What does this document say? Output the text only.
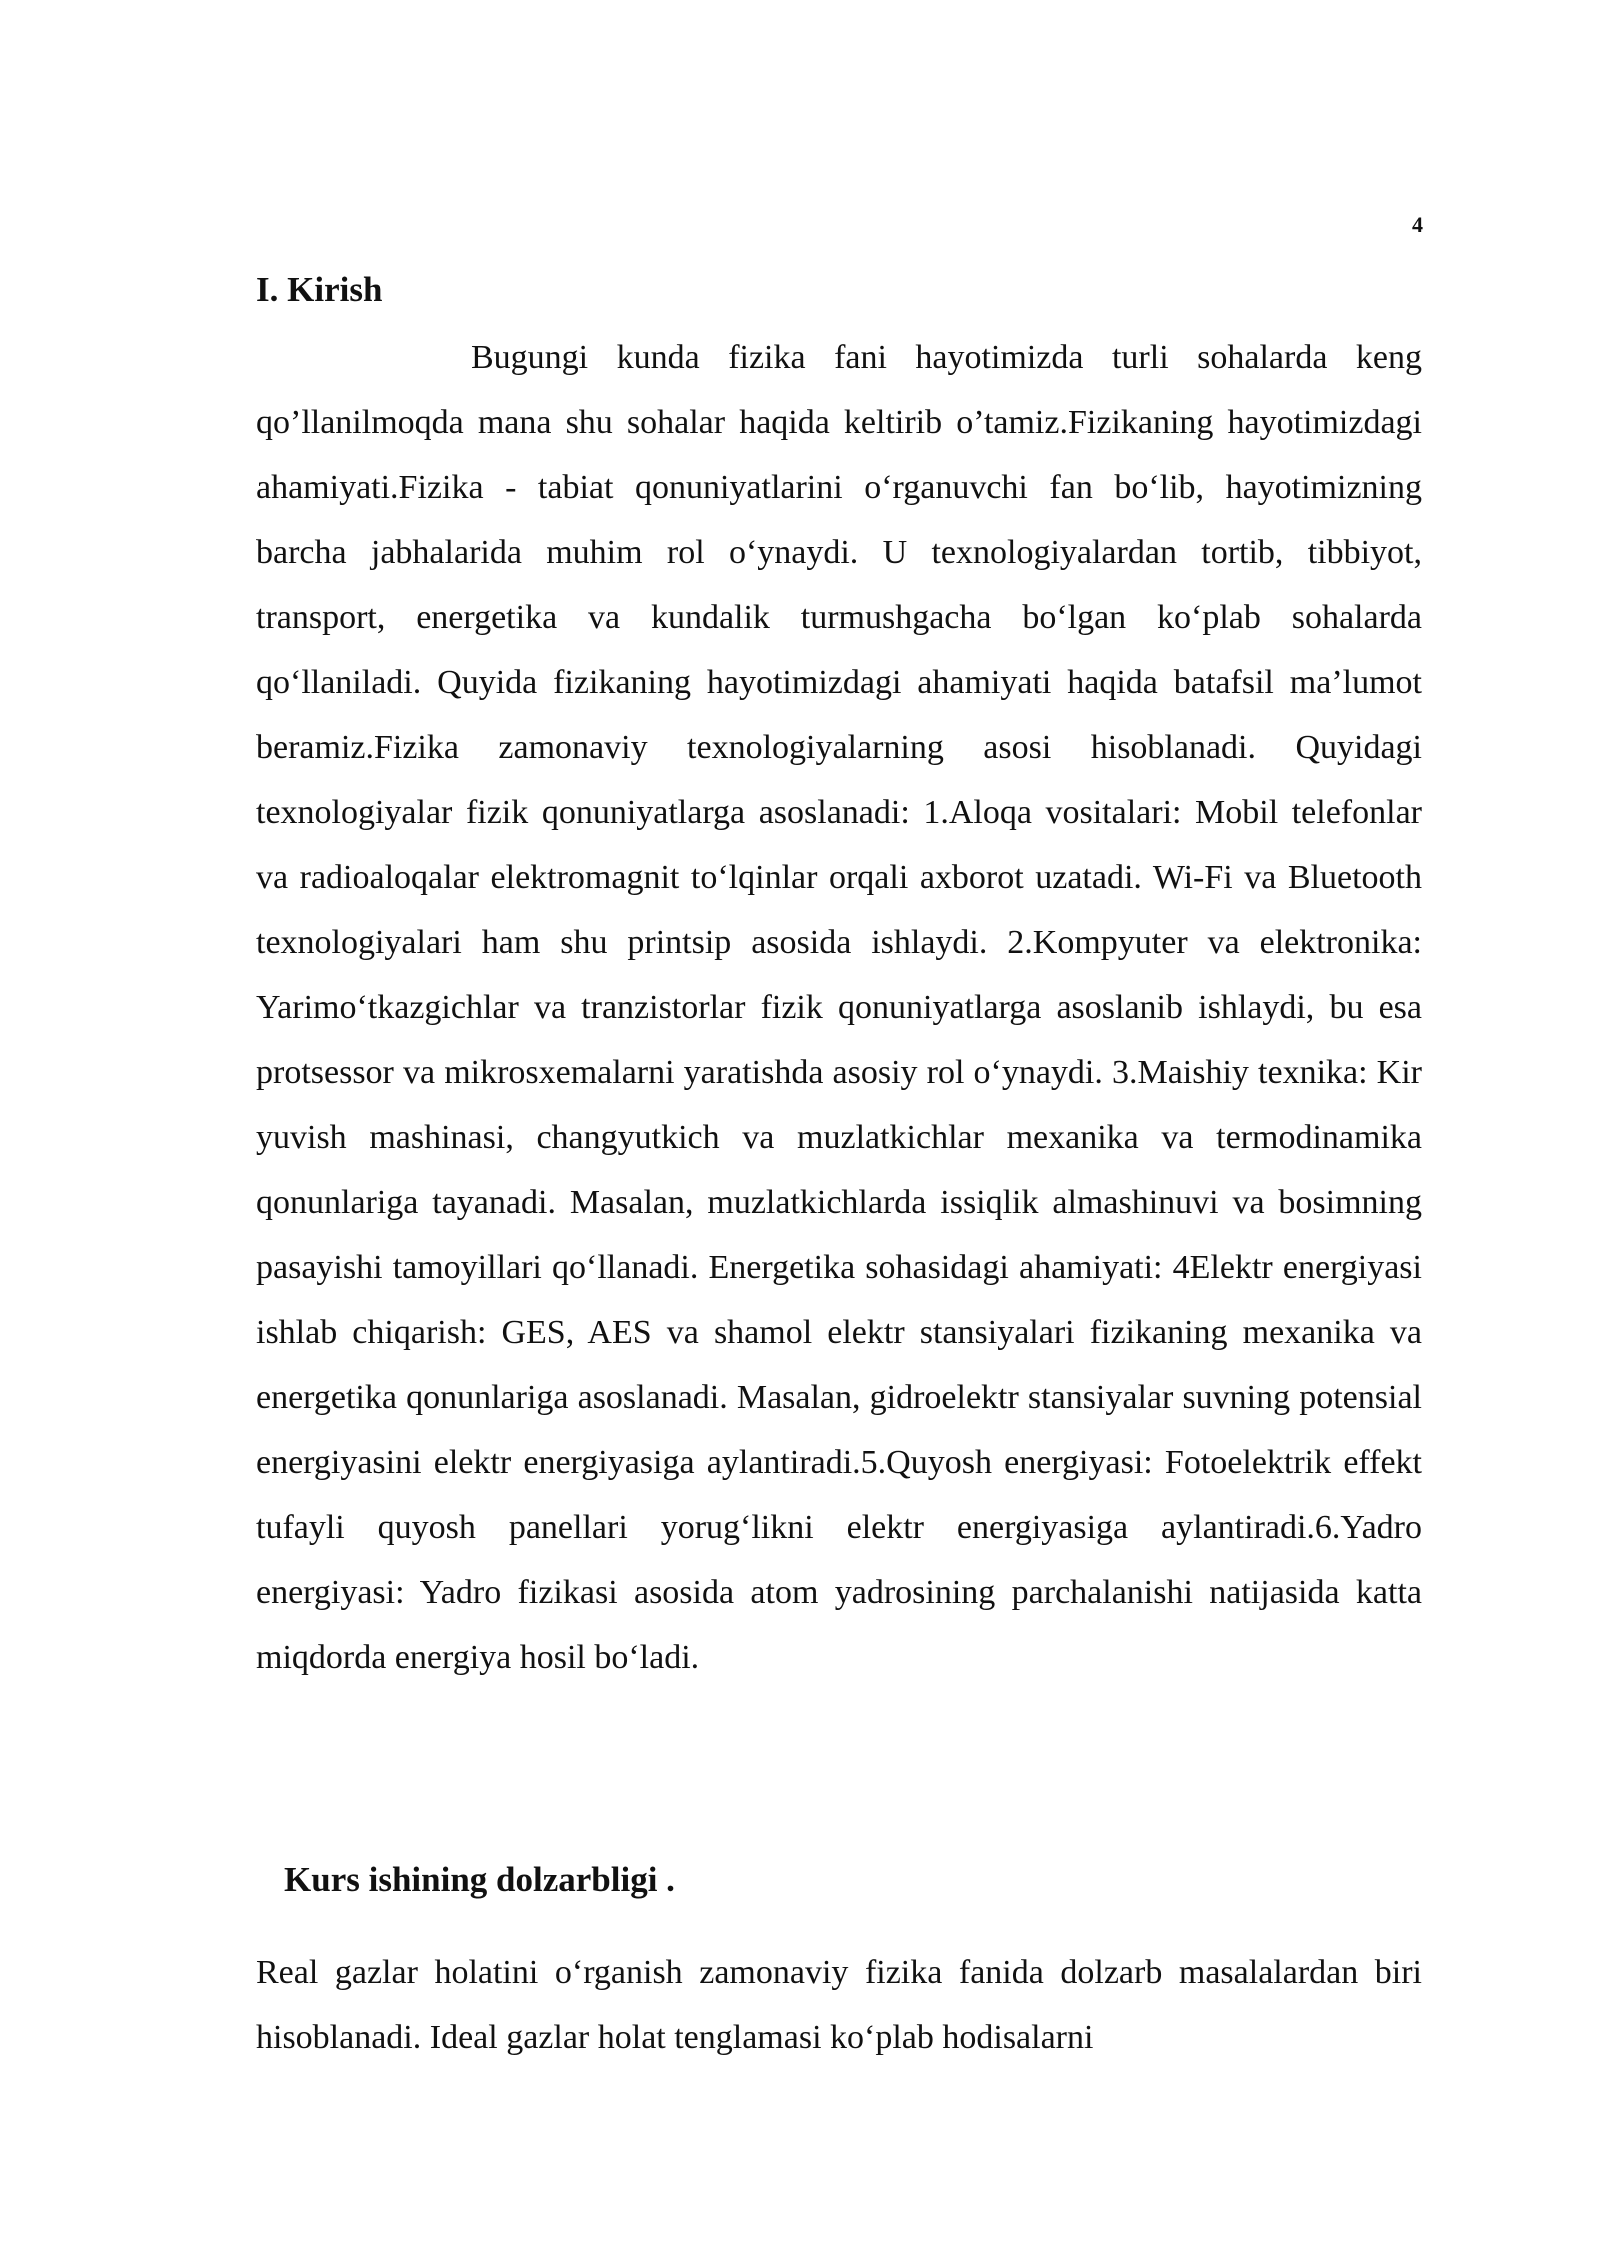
4
I. Kirish

Bugungi kunda fizika fani hayotimizda turli sohalarda keng qo’llanilmoqda mana shu sohalar haqida keltirib o’tamiz.Fizikaning hayotimizdagi ahamiyati.Fizika - tabiat qonuniyatlarini o‘rganuvchi fan bo‘lib, hayotimizning barcha jabhalarida muhim rol o‘ynaydi. U texnologiyalardan tortib, tibbiyot, transport, energetika va kundalik turmushgacha bo‘lgan ko‘plab sohalarda qo‘llaniladi. Quyida fizikaning hayotimizdagi ahamiyati haqida batafsil ma’lumot beramiz.Fizika zamonaviy texnologiyalarning asosi hisoblanadi. Quyidagi texnologiyalar fizik qonuniyatlarga asoslanadi: 1.Aloqa vositalari: Mobil telefonlar va radioaloqalar elektromagnit to‘lqinlar orqali axborot uzatadi. Wi-Fi va Bluetooth texnologiyalari ham shu printsip asosida ishlaydi. 2.Kompyuter va elektronika: Yarimo‘tkazgichlar va tranzistorlar fizik qonuniyatlarga asoslanib ishlaydi, bu esa protsessor va mikrosxemalarni yaratishda asosiy rol o‘ynaydi. 3.Maishiy texnika: Kir yuvish mashinasi, changyutkich va muzlatkichlar mexanika va termodinamika qonunlariga tayanadi. Masalan, muzlatkichlarda issiqlik almashinuvi va bosimning pasayishi tamoyillari qo‘llanadi. Energetika sohasidagi ahamiyati: 4Elektr energiyasi ishlab chiqarish: GES, AES va shamol elektr stansiyalari fizikaning mexanika va energetika qonunlariga asoslanadi. Masalan, gidroelektr stansiyalar suvning potensial energiyasini elektr energiyasiga aylantiradi.5.Quyosh energiyasi: Fotoelektrik effekt tufayli quyosh panellari yorug‘likni elektr energiyasiga aylantiradi.6.Yadro energiyasi: Yadro fizikasi asosida atom yadrosining parchalanishi natijasida katta miqdorda energiya hosil bo‘ladi.

Kurs ishining dolzarbligi .

Real gazlar holatini o‘rganish zamonaviy fizika fanida dolzarb masalalardan biri hisoblanadi. Ideal gazlar holat tenglamasi ko‘plab hodisalarni
